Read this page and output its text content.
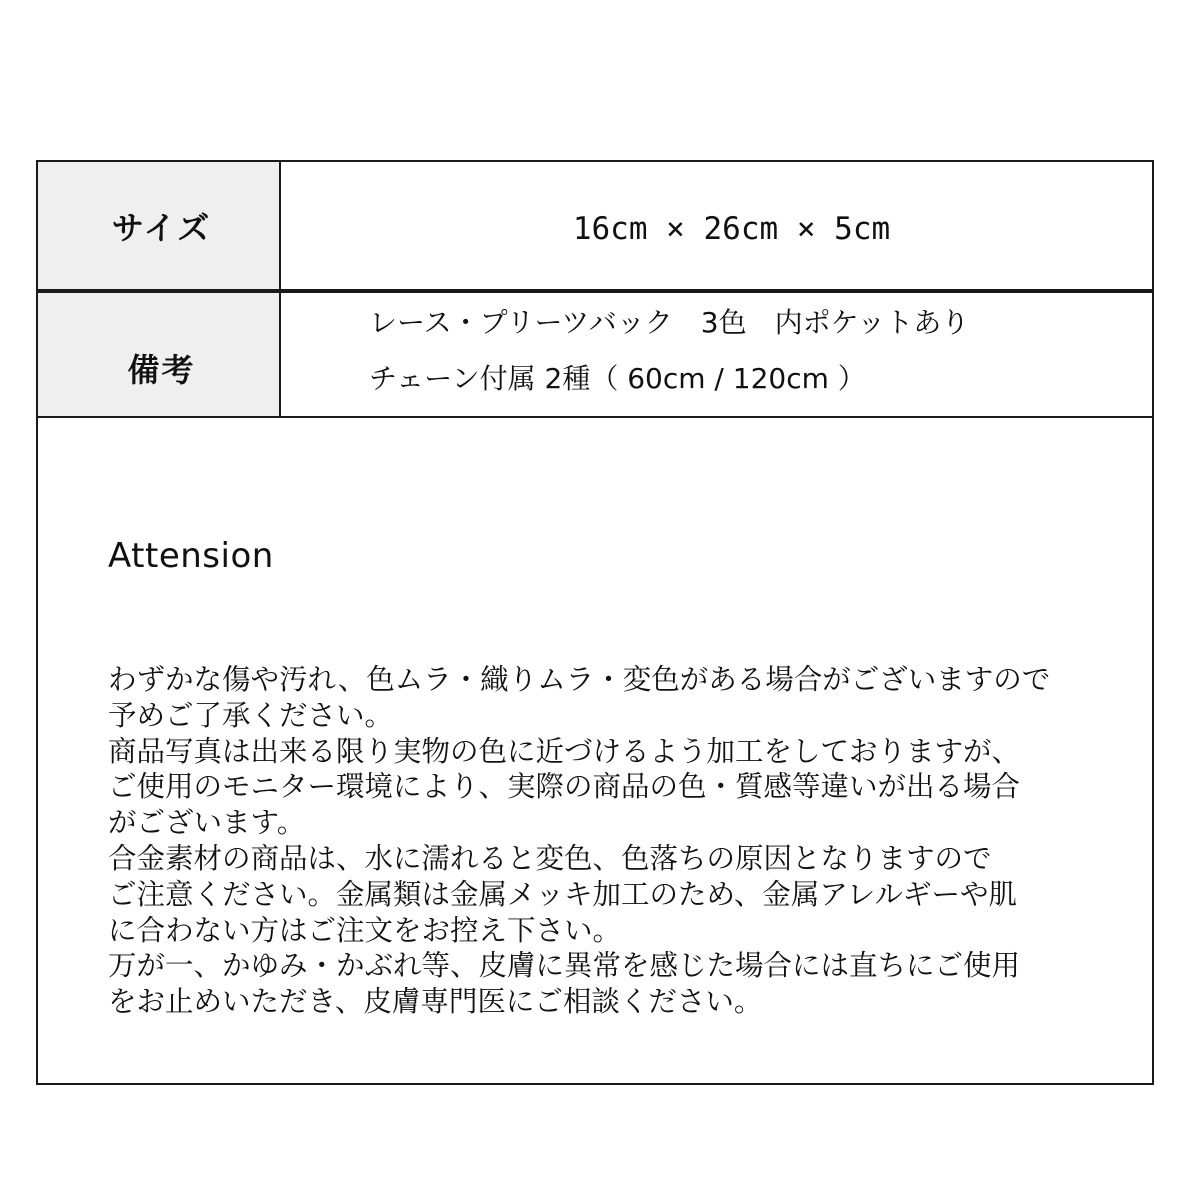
サイズ	16cm × 26cm × 5cm
備考
レース・プリーツバック　3色　内ポケットあり
チェーン付属 2種（ 60cm / 120cm ）
Attension
わずかな傷や汚れ、色ムラ・織りムラ・変色がある場合がございますので
予めご了承ください。
商品写真は出来る限り実物の色に近づけるよう加工をしておりますが、
ご使用のモニター環境により、実際の商品の色・質感等違いが出る場合
がございます。
合金素材の商品は、水に濡れると変色、色落ちの原因となりますので
ご注意ください。金属類は金属メッキ加工のため、金属アレルギーや肌
に合わない方はご注文をお控え下さい。
万が一、かゆみ・かぶれ等、皮膚に異常を感じた場合には直ちにご使用
をお止めいただき、皮膚専門医にご相談ください。
